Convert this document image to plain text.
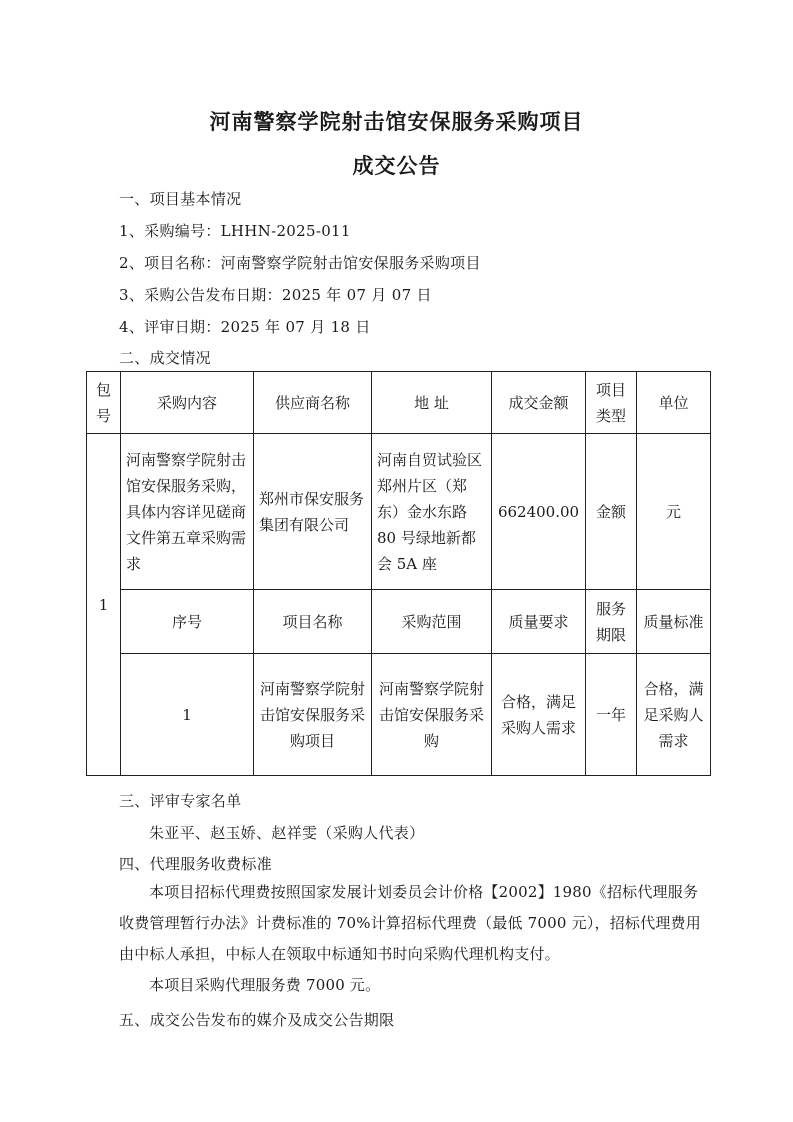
河南警察学院射击馆安保服务采购项目
成交公告
一、项目基本情况
1、采购编号：LHHN-2025-011
2、项目名称：河南警察学院射击馆安保服务采购项目
3、采购公告发布日期：2025 年 07 月 07 日
4、评审日期：2025 年 07 月 18 日
二、成交情况
包号	采购内容	供应商名称	地 址	成交金额	项目类型	单位
1	河南警察学院射击馆安保服务采购，具体内容详见磋商文件第五章采购需求	郑州市保安服务集团有限公司	河南自贸试验区郑州片区（郑东）金水东路 80 号绿地新都会 5A 座	662400.00	金额	元
	序号	项目名称	采购范围	质量要求	服务期限	质量标准
	1	河南警察学院射击馆安保服务采购项目	河南警察学院射击馆安保服务采购	合格，满足采购人需求	一年	合格，满足采购人需求
三、评审专家名单
朱亚平、赵玉娇、赵祥雯（采购人代表）
四、代理服务收费标准
本项目招标代理费按照国家发展计划委员会计价格【2002】1980《招标代理服务收费管理暂行办法》计费标准的 70%计算招标代理费（最低 7000 元），招标代理费用由中标人承担，中标人在领取中标通知书时向采购代理机构支付。
本项目采购代理服务费 7000 元。
五、成交公告发布的媒介及成交公告期限
